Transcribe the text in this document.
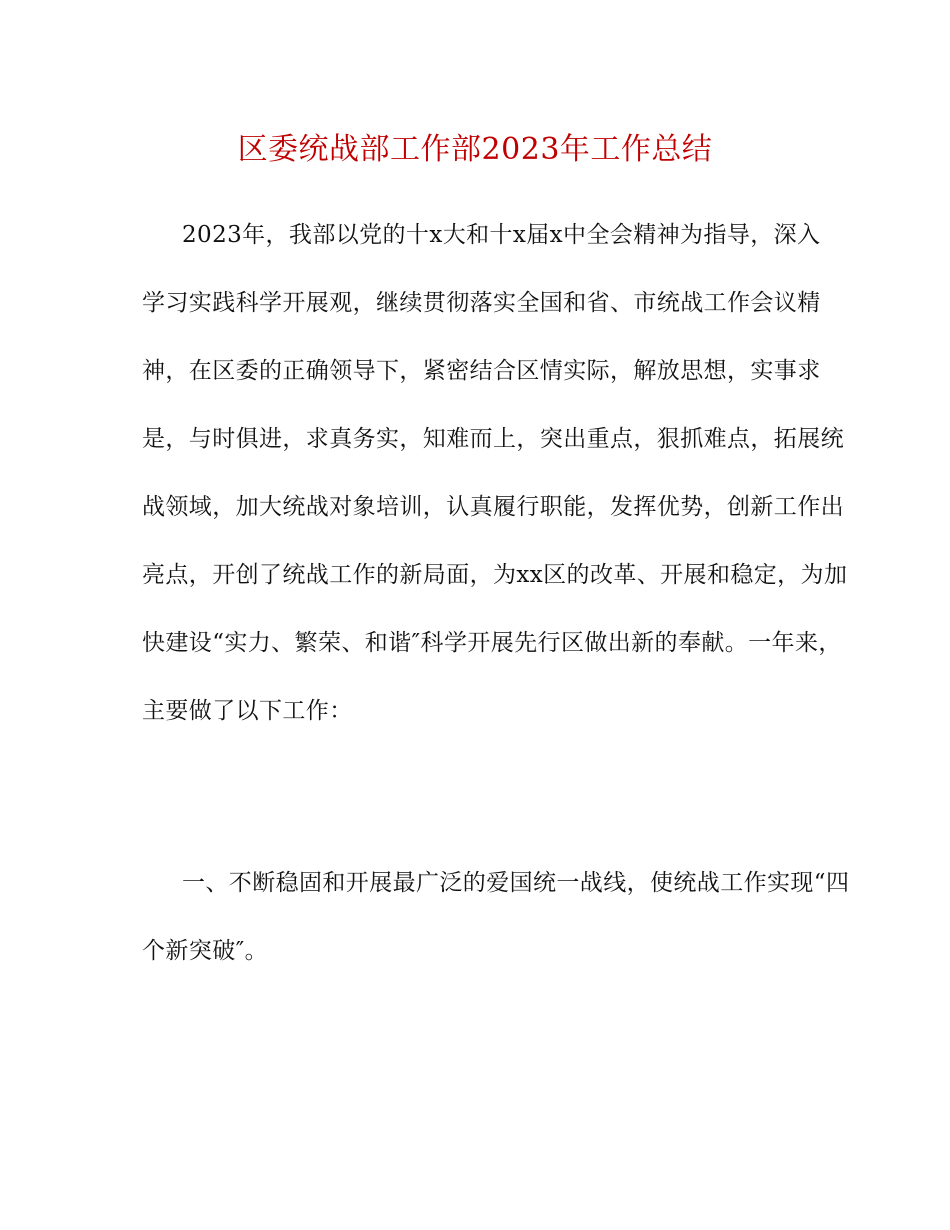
区委统战部工作部2023年工作总结
2023年，我部以党的十x大和十x届x中全会精神为指导，深入
学习实践科学开展观，继续贯彻落实全国和省、市统战工作会议精
神，在区委的正确领导下，紧密结合区情实际，解放思想，实事求
是，与时俱进，求真务实，知难而上，突出重点，狠抓难点，拓展统
战领域，加大统战对象培训，认真履行职能，发挥优势，创新工作出
亮点，开创了统战工作的新局面，为xx区的改革、开展和稳定，为加
快建设“实力、繁荣、和谐″科学开展先行区做出新的奉献。一年来，
主要做了以下工作：
一、不断稳固和开展最广泛的爱国统一战线，使统战工作实现“四
个新突破″。
